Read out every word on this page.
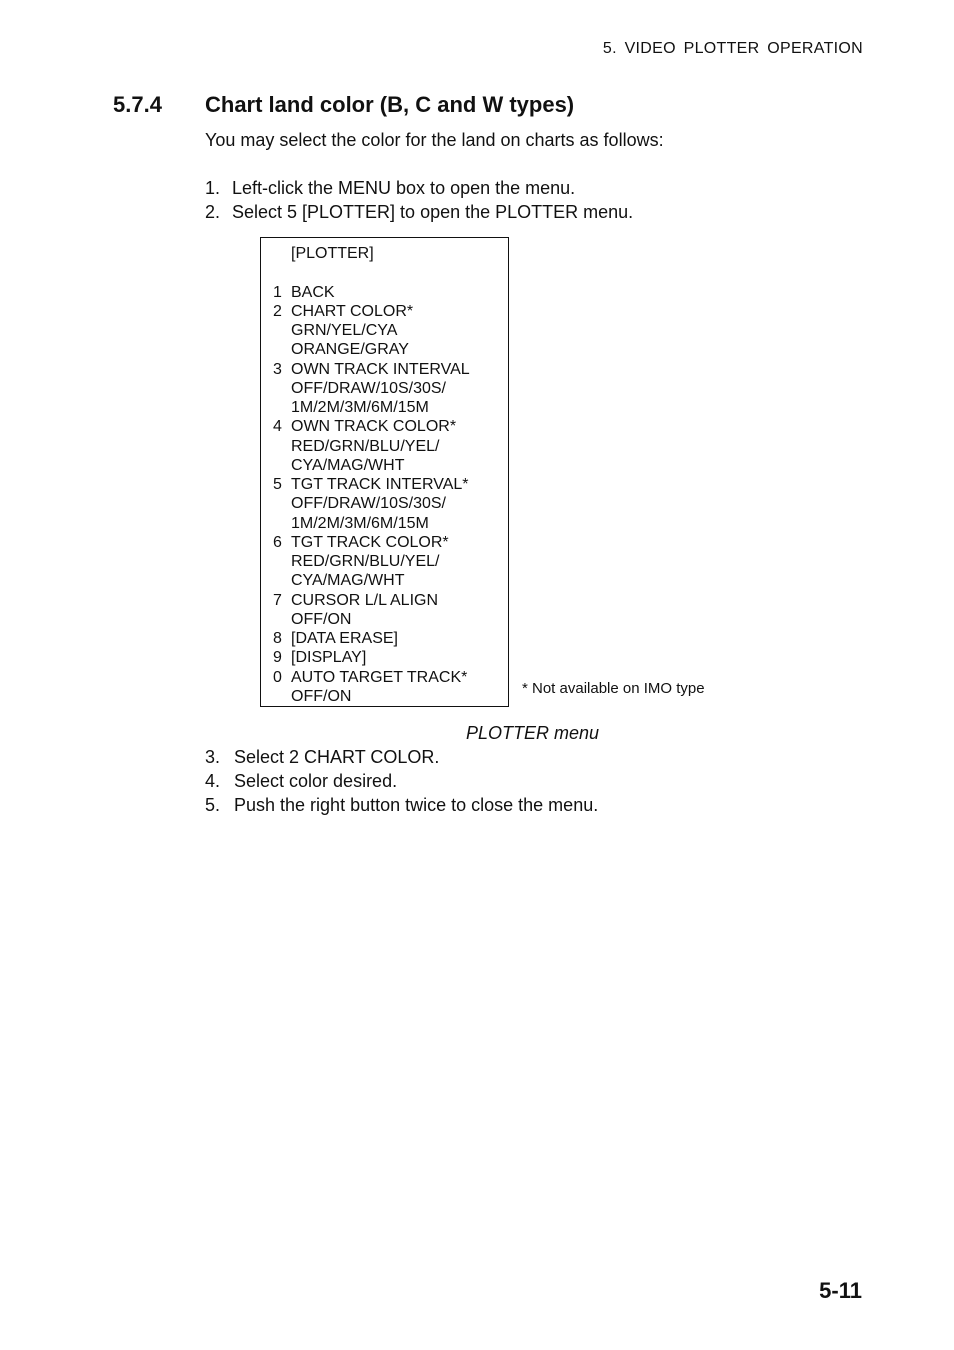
5. VIDEO PLOTTER OPERATION
5.7.4 Chart land color (B, C and W types)
You may select the color for the land on charts as follows:
1. Left-click the MENU box to open the menu.
2. Select 5 [PLOTTER] to open the PLOTTER menu.
[PLOTTER]
1 BACK
2 CHART COLOR*
GRN/YEL/CYA
ORANGE/GRAY
3 OWN TRACK INTERVAL
OFF/DRAW/10S/30S/
1M/2M/3M/6M/15M
4 OWN TRACK COLOR*
RED/GRN/BLU/YEL/
CYA/MAG/WHT
5 TGT TRACK INTERVAL*
OFF/DRAW/10S/30S/
1M/2M/3M/6M/15M
6 TGT TRACK COLOR*
RED/GRN/BLU/YEL/
CYA/MAG/WHT
7 CURSOR L/L ALIGN
OFF/ON
8 [DATA ERASE]
9 [DISPLAY]
0 AUTO TARGET TRACK*
OFF/ON	* Not available on IMO type
PLOTTER menu
3. Select 2 CHART COLOR.
4. Select color desired.
5. Push the right button twice to close the menu.
5-11
